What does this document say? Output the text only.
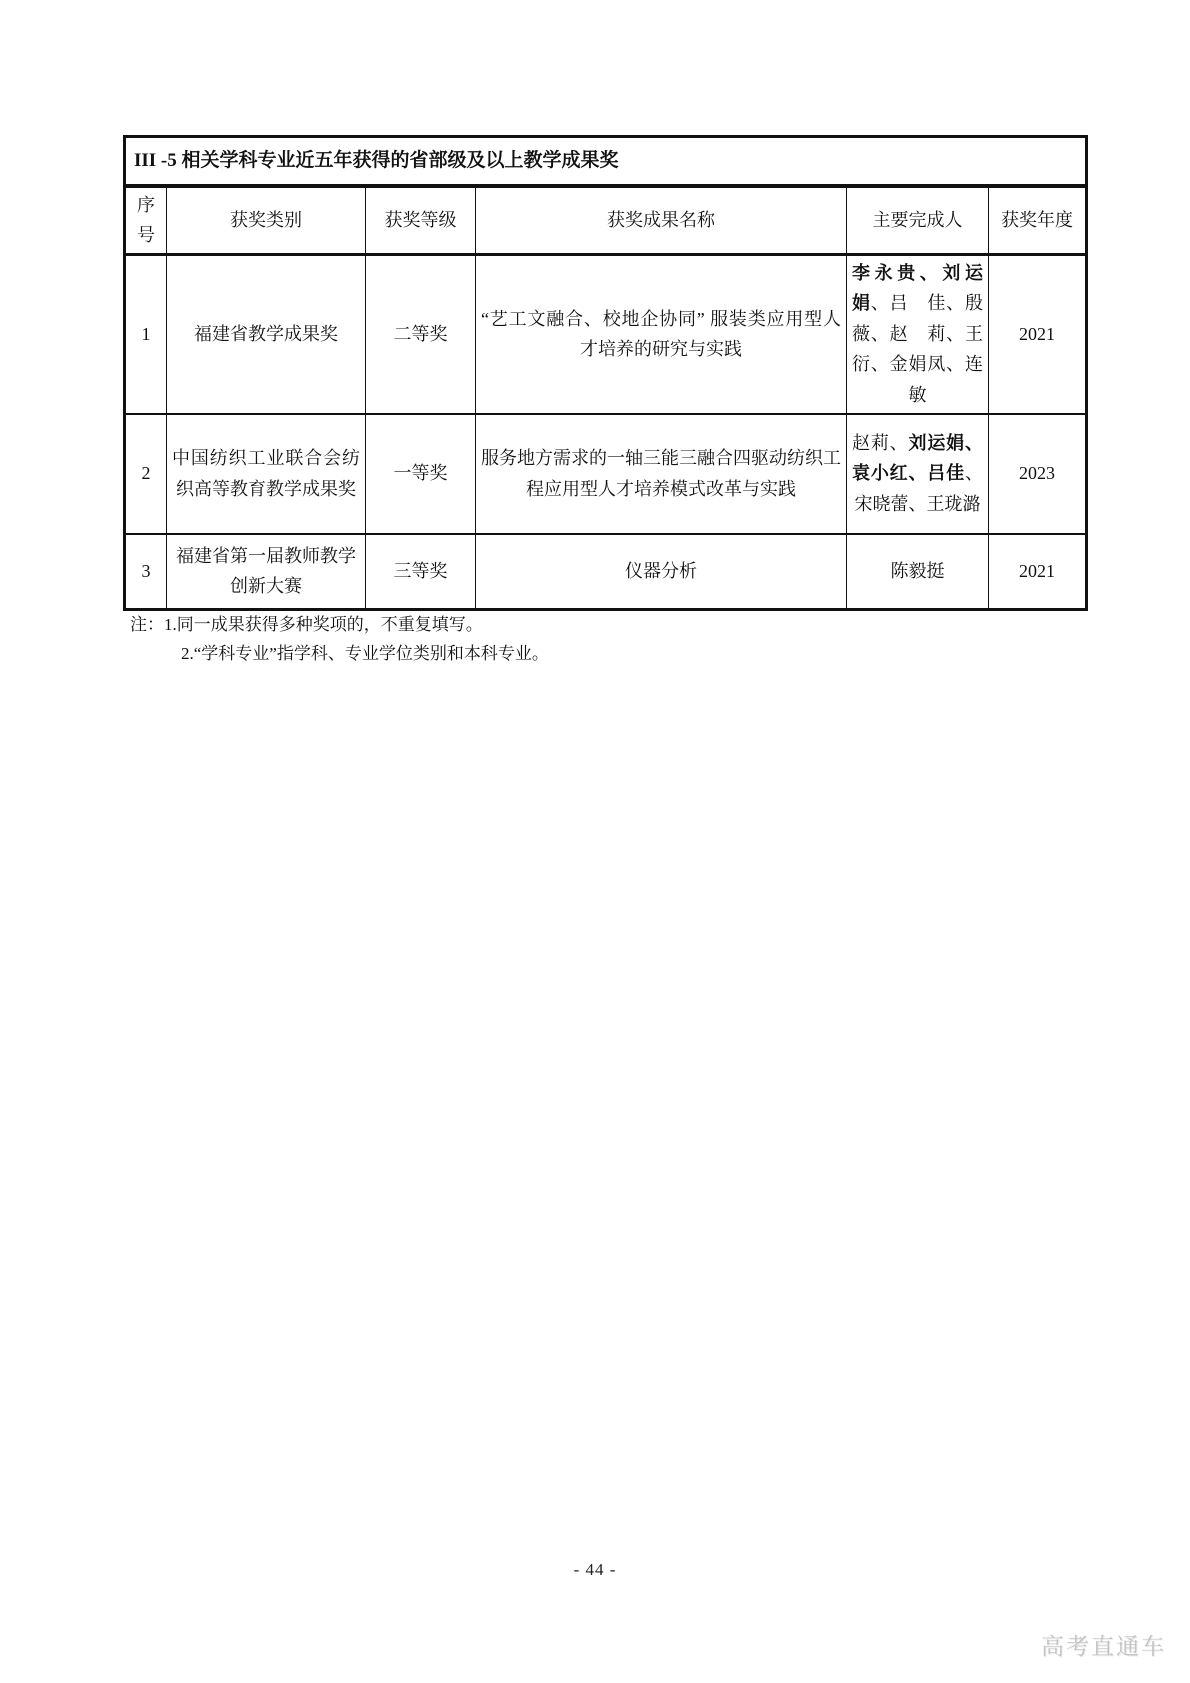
III -5 相关学科专业近五年获得的省部级及以上教学成果奖					
序号	获奖类别	获奖等级	获奖成果名称	主要完成人	获奖年度
1	福建省教学成果奖	二等奖	“艺工文融合、校地企协同” 服装类应用型人才培养的研究与实践	李永贵、刘运娟、吕　佳、殷　薇、赵　莉、王　衍、金娟凤、连　敏	2021
2	中国纺织工业联合会纺织高等教育教学成果奖	一等奖	服务地方需求的一轴三能三融合四驱动纺织工程应用型人才培养模式改革与实践	赵莉、刘运娟、袁小红、吕佳、宋晓蕾、王珑潞	2023
3	福建省第一届教师教学创新大赛	三等奖	仪器分析	陈毅挺	2021
注：1.同一成果获得多种奖项的，不重复填写。
2.“学科专业”指学科、专业学位类别和本科专业。
- 44 -
高考直通车
